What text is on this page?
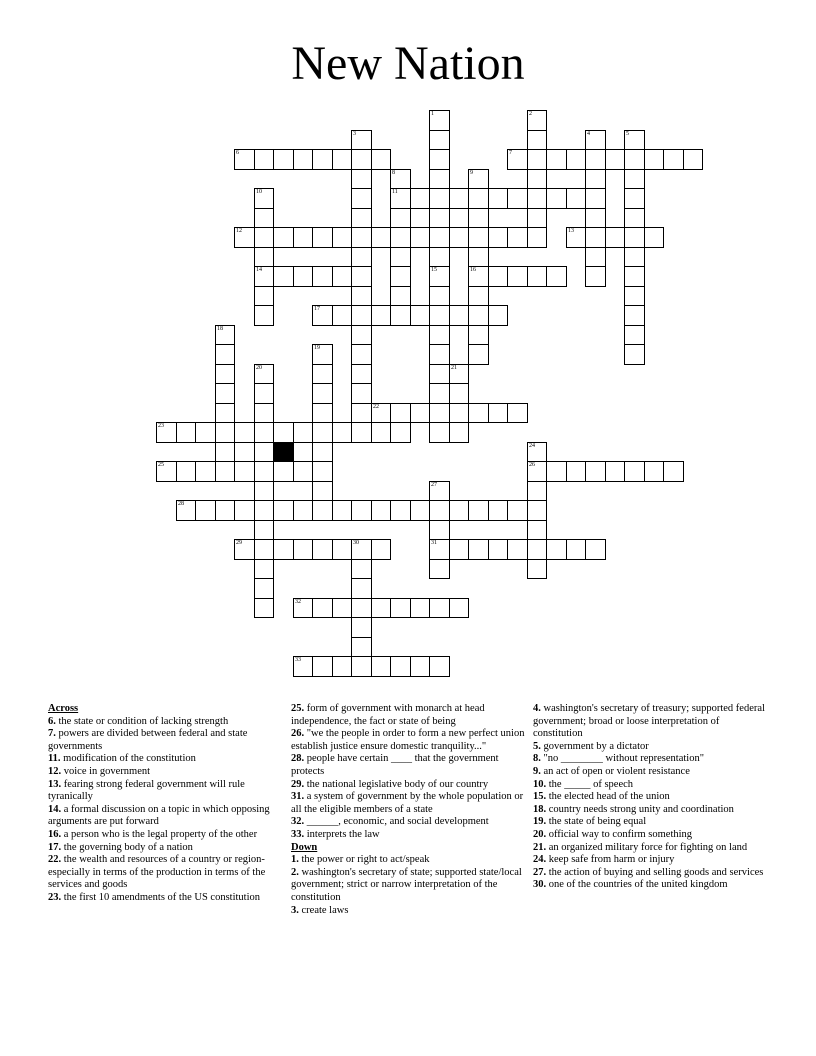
New Nation
1
15
2
3	4	5
6	7
8
11
9
16
10
14
12	13
17
18
19
20	21
22
23
24
26
25
27
31
28
29	30
32
33
Across
6. the state or condition of lacking strength
7. powers are divided between federal and state governments
11. modification of the constitution
12. voice in government
13. fearing strong federal government will rule tyranically
14. a formal discussion on a topic in which opposing arguments are put forward
16. a person who is the legal property of the other
17. the governing body of a nation
22. the wealth and resources of a country or region-especially in terms of the production in terms of the services and goods
23. the first 10 amendments of the US constitution
25. form of government with monarch at head independence, the fact or state of being
26. "we the people in order to form a new perfect union establish justice ensure domestic tranquility..."
28. people have certain ____ that the government protects
29. the national legislative body of our country
31. a system of government by the whole population or all the eligible members of a state
32. ______, economic, and social development
33. interprets the law
Down
1. the power or right to act/speak
2. washington's secretary of state; supported state/local government; strict or narrow interpretation of the constitution
3. create laws
4. washington's secretary of treasury; supported federal government; broad or loose interpretation of constitution
5. government by a dictator
8. "no ________ without representation"
9. an act of open or violent resistance
10. the _____ of speech
15. the elected head of the union
18. country needs strong unity and coordination
19. the state of being equal
20. official way to confirm something
21. an organized military force for fighting on land
24. keep safe from harm or injury
27. the action of buying and selling goods and services
30. one of the countries of the united kingdom
